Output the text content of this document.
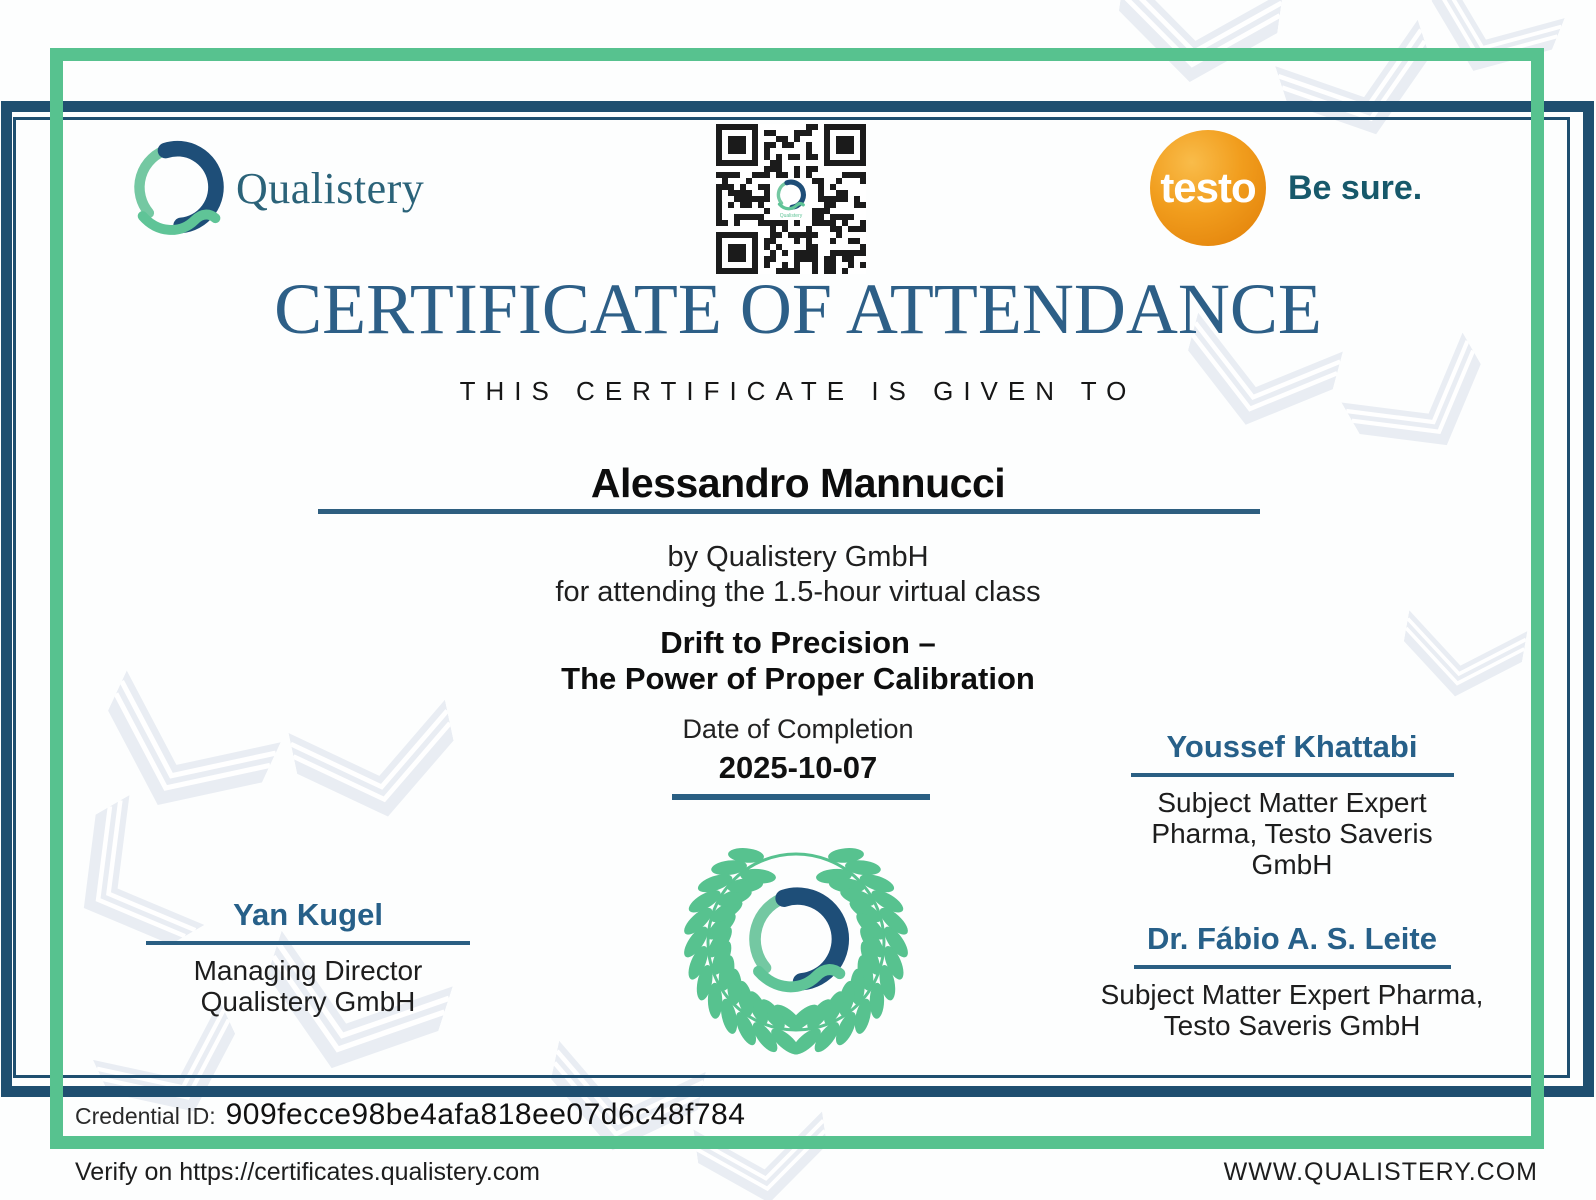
Qualistery
Qualistery
testo Be sure.
CERTIFICATE OF ATTENDANCE
THIS CERTIFICATE IS GIVEN TO
Alessandro Mannucci
by Qualistery GmbH
for attending the 1.5-hour virtual class
Drift to Precision –
The Power of Proper Calibration
Date of Completion
2025-10-07
Yan Kugel
Managing Director
Qualistery GmbH
Youssef Khattabi
Subject Matter Expert
Pharma, Testo Saveris
GmbH
Dr. Fábio A. S. Leite
Subject Matter Expert Pharma,
Testo Saveris GmbH
Credential ID: 909fecce98be4afa818ee07d6c48f784
Verify on https://certificates.qualistery.com	WWW.QUALISTERY.COM
